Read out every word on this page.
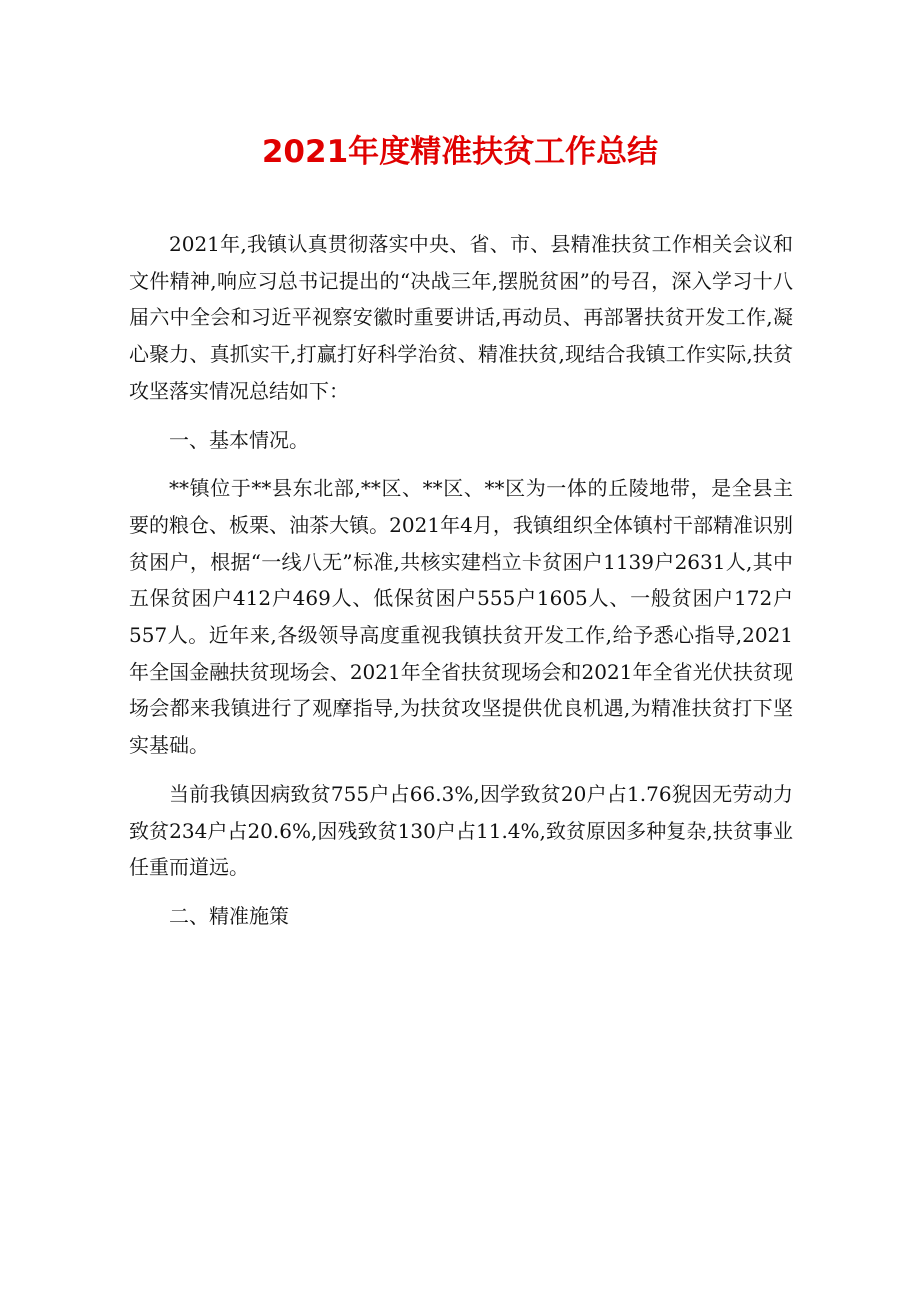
2021年度精准扶贫工作总结

2021年,我镇认真贯彻落实中央、省、市、县精准扶贫工作相关会议和文件精神,响应习总书记提出的“决战三年,摆脱贫困”的号召，深入学习十八届六中全会和习近平视察安徽时重要讲话,再动员、再部署扶贫开发工作,凝心聚力、真抓实干,打赢打好科学治贫、精准扶贫,现结合我镇工作实际,扶贫攻坚落实情况总结如下：

一、基本情况。

**镇位于**县东北部,**区、**区、**区为一体的丘陵地带，是全县主要的粮仓、板栗、油茶大镇。2021年4月，我镇组织全体镇村干部精准识别贫困户，根据“一线八无”标准,共核实建档立卡贫困户1139户2631人,其中五保贫困户412户469人、低保贫困户555户1605人、一般贫困户172户557人。近年来,各级领导高度重视我镇扶贫开发工作,给予悉心指导,2021年全国金融扶贫现场会、2021年全省扶贫现场会和2021年全省光伏扶贫现场会都来我镇进行了观摩指导,为扶贫攻坚提供优良机遇,为精准扶贫打下坚实基础。

当前我镇因病致贫755户占66.3%,因学致贫20户占1.76猊因无劳动力致贫234户占20.6%,因残致贫130户占11.4%,致贫原因多种复杂,扶贫事业任重而道远。

二、精准施策
